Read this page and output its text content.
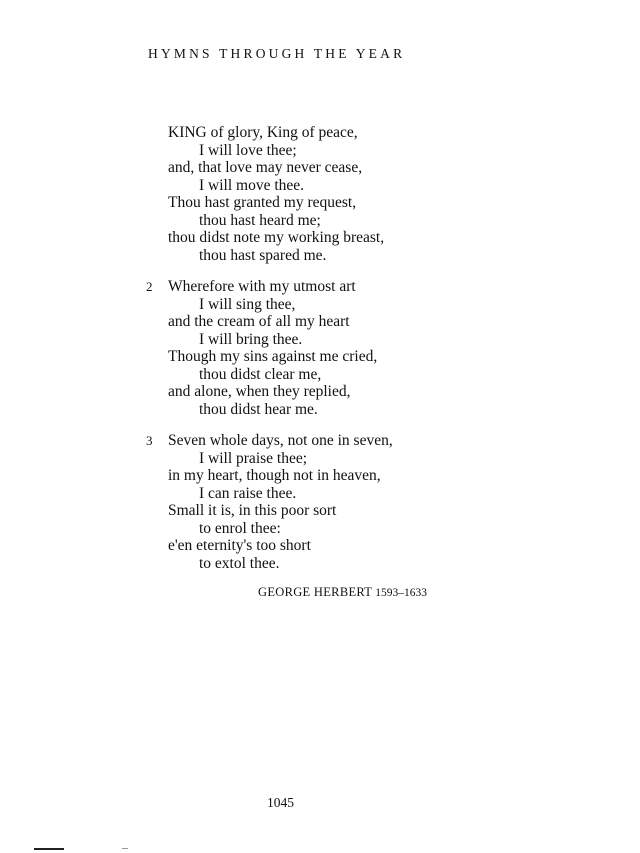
HYMNS THROUGH THE YEAR
KING of glory, King of peace,
I will love thee;
and, that love may never cease,
I will move thee.
Thou hast granted my request,
thou hast heard me;
thou didst note my working breast,
thou hast spared me.
2	Wherefore with my utmost art
I will sing thee,
and the cream of all my heart
I will bring thee.
Though my sins against me cried,
thou didst clear me,
and alone, when they replied,
thou didst hear me.
3	Seven whole days, not one in seven,
I will praise thee;
in my heart, though not in heaven,
I can raise thee.
Small it is, in this poor sort
to enrol thee:
e'en eternity's too short
to extol thee.
GEORGE HERBERT 1593–1633
1045
